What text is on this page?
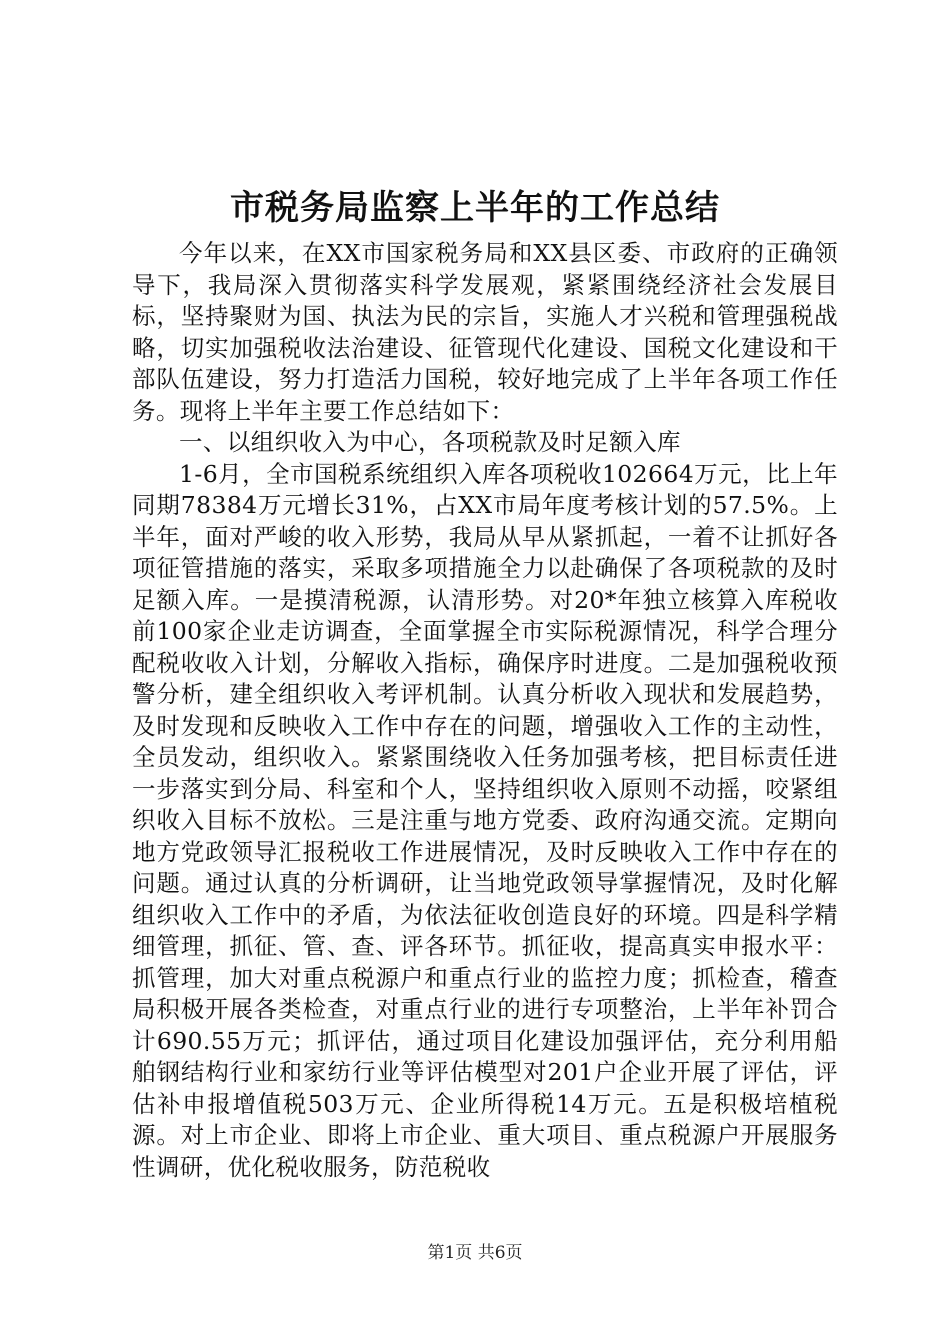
市税务局监察上半年的工作总结

今年以来，在XX市国家税务局和XX县区委、市政府的正确领导下，我局深入贯彻落实科学发展观，紧紧围绕经济社会发展目标，坚持聚财为国、执法为民的宗旨，实施人才兴税和管理强税战略，切实加强税收法治建设、征管现代化建设、国税文化建设和干部队伍建设，努力打造活力国税，较好地完成了上半年各项工作任务。现将上半年主要工作总结如下：

一、以组织收入为中心，各项税款及时足额入库

1-6月，全市国税系统组织入库各项税收102664万元，比上年同期78384万元增长31%，占XX市局年度考核计划的57.5%。上半年，面对严峻的收入形势，我局从早从紧抓起，一着不让抓好各项征管措施的落实，采取多项措施全力以赴确保了各项税款的及时足额入库。一是摸清税源，认清形势。对20*年独立核算入库税收前100家企业走访调查，全面掌握全市实际税源情况，科学合理分配税收收入计划，分解收入指标，确保序时进度。二是加强税收预警分析，建全组织收入考评机制。认真分析收入现状和发展趋势，及时发现和反映收入工作中存在的问题，增强收入工作的主动性，全员发动，组织收入。紧紧围绕收入任务加强考核，把目标责任进一步落实到分局、科室和个人，坚持组织收入原则不动摇，咬紧组织收入目标不放松。三是注重与地方党委、政府沟通交流。定期向地方党政领导汇报税收工作进展情况，及时反映收入工作中存在的问题。通过认真的分析调研，让当地党政领导掌握情况，及时化解组织收入工作中的矛盾，为依法征收创造良好的环境。四是科学精细管理，抓征、管、查、评各环节。抓征收，提高真实申报水平：抓管理，加大对重点税源户和重点行业的监控力度；抓检查，稽查局积极开展各类检查，对重点行业的进行专项整治，上半年补罚合计690.55万元；抓评估，通过项目化建设加强评估，充分利用船舶钢结构行业和家纺行业等评估模型对201户企业开展了评估，评估补申报增值税503万元、企业所得税14万元。五是积极培植税源。对上市企业、即将上市企业、重大项目、重点税源户开展服务性调研，优化税收服务，防范税收

第1页 共6页
